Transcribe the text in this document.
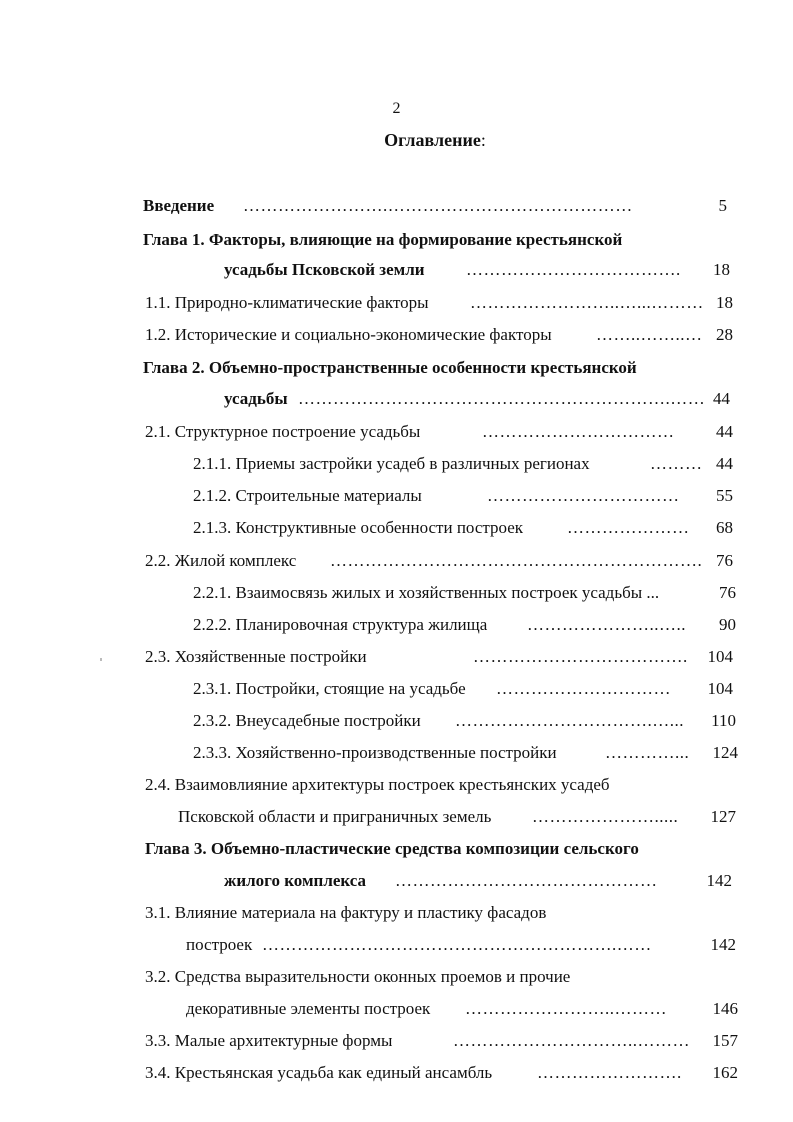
2
Оглавление:
Введение …………………….……………………………………	5
Глава 1. Факторы, влияющие на формирование крестьянской
усадьбы Псковской земли ……………………………….	18
1.1. Природно-климатические факторы ……………………..…...……… 18
1.2. Исторические и социально-экономические факторы	……..……..… 28
Глава 2. Объемно-пространственные особенности крестьянской
усадьбы ……………………………………………………….…… 44
2.1. Структурное построение усадьбы	……………………………	44
2.1.1. Приемы застройки усадеб в различных регионах	……… 44
2.1.2. Строительные материалы	……………………………	55
2.1.3. Конструктивные особенности построек	…………………	68
2.2. Жилой комплекс ………………………………………………………. 76
2.2.1. Взаимосвязь жилых и хозяйственных построек усадьбы ...	76
2.2.2. Планировочная структура жилища …………………..…..	90
2.3. Хозяйственные постройки	……………………………….	104
2.3.1. Постройки, стоящие на усадьбе …………………………	104
2.3.2. Внеусадебные постройки …………………………….…...	110
2.3.3. Хозяйственно-производственные постройки	…………...	124
2.4. Взаимовлияние архитектуры построек крестьянских усадеб
Псковской области и приграничных земель ………………….....	127
Глава 3. Объемно-пластические средства композиции сельского
жилого комплекса ………………………………………	142
3.1. Влияние материала на фактуру и пластику фасадов
построек …………………………………………………….……	142
3.2. Средства выразительности оконных проемов и прочие
декоративные элементы построек ……………………..………	146
3.3. Малые архитектурные формы	…………………………..………	157
3.4. Крестьянская усадьба как единый ансамбль	…………………….	162
